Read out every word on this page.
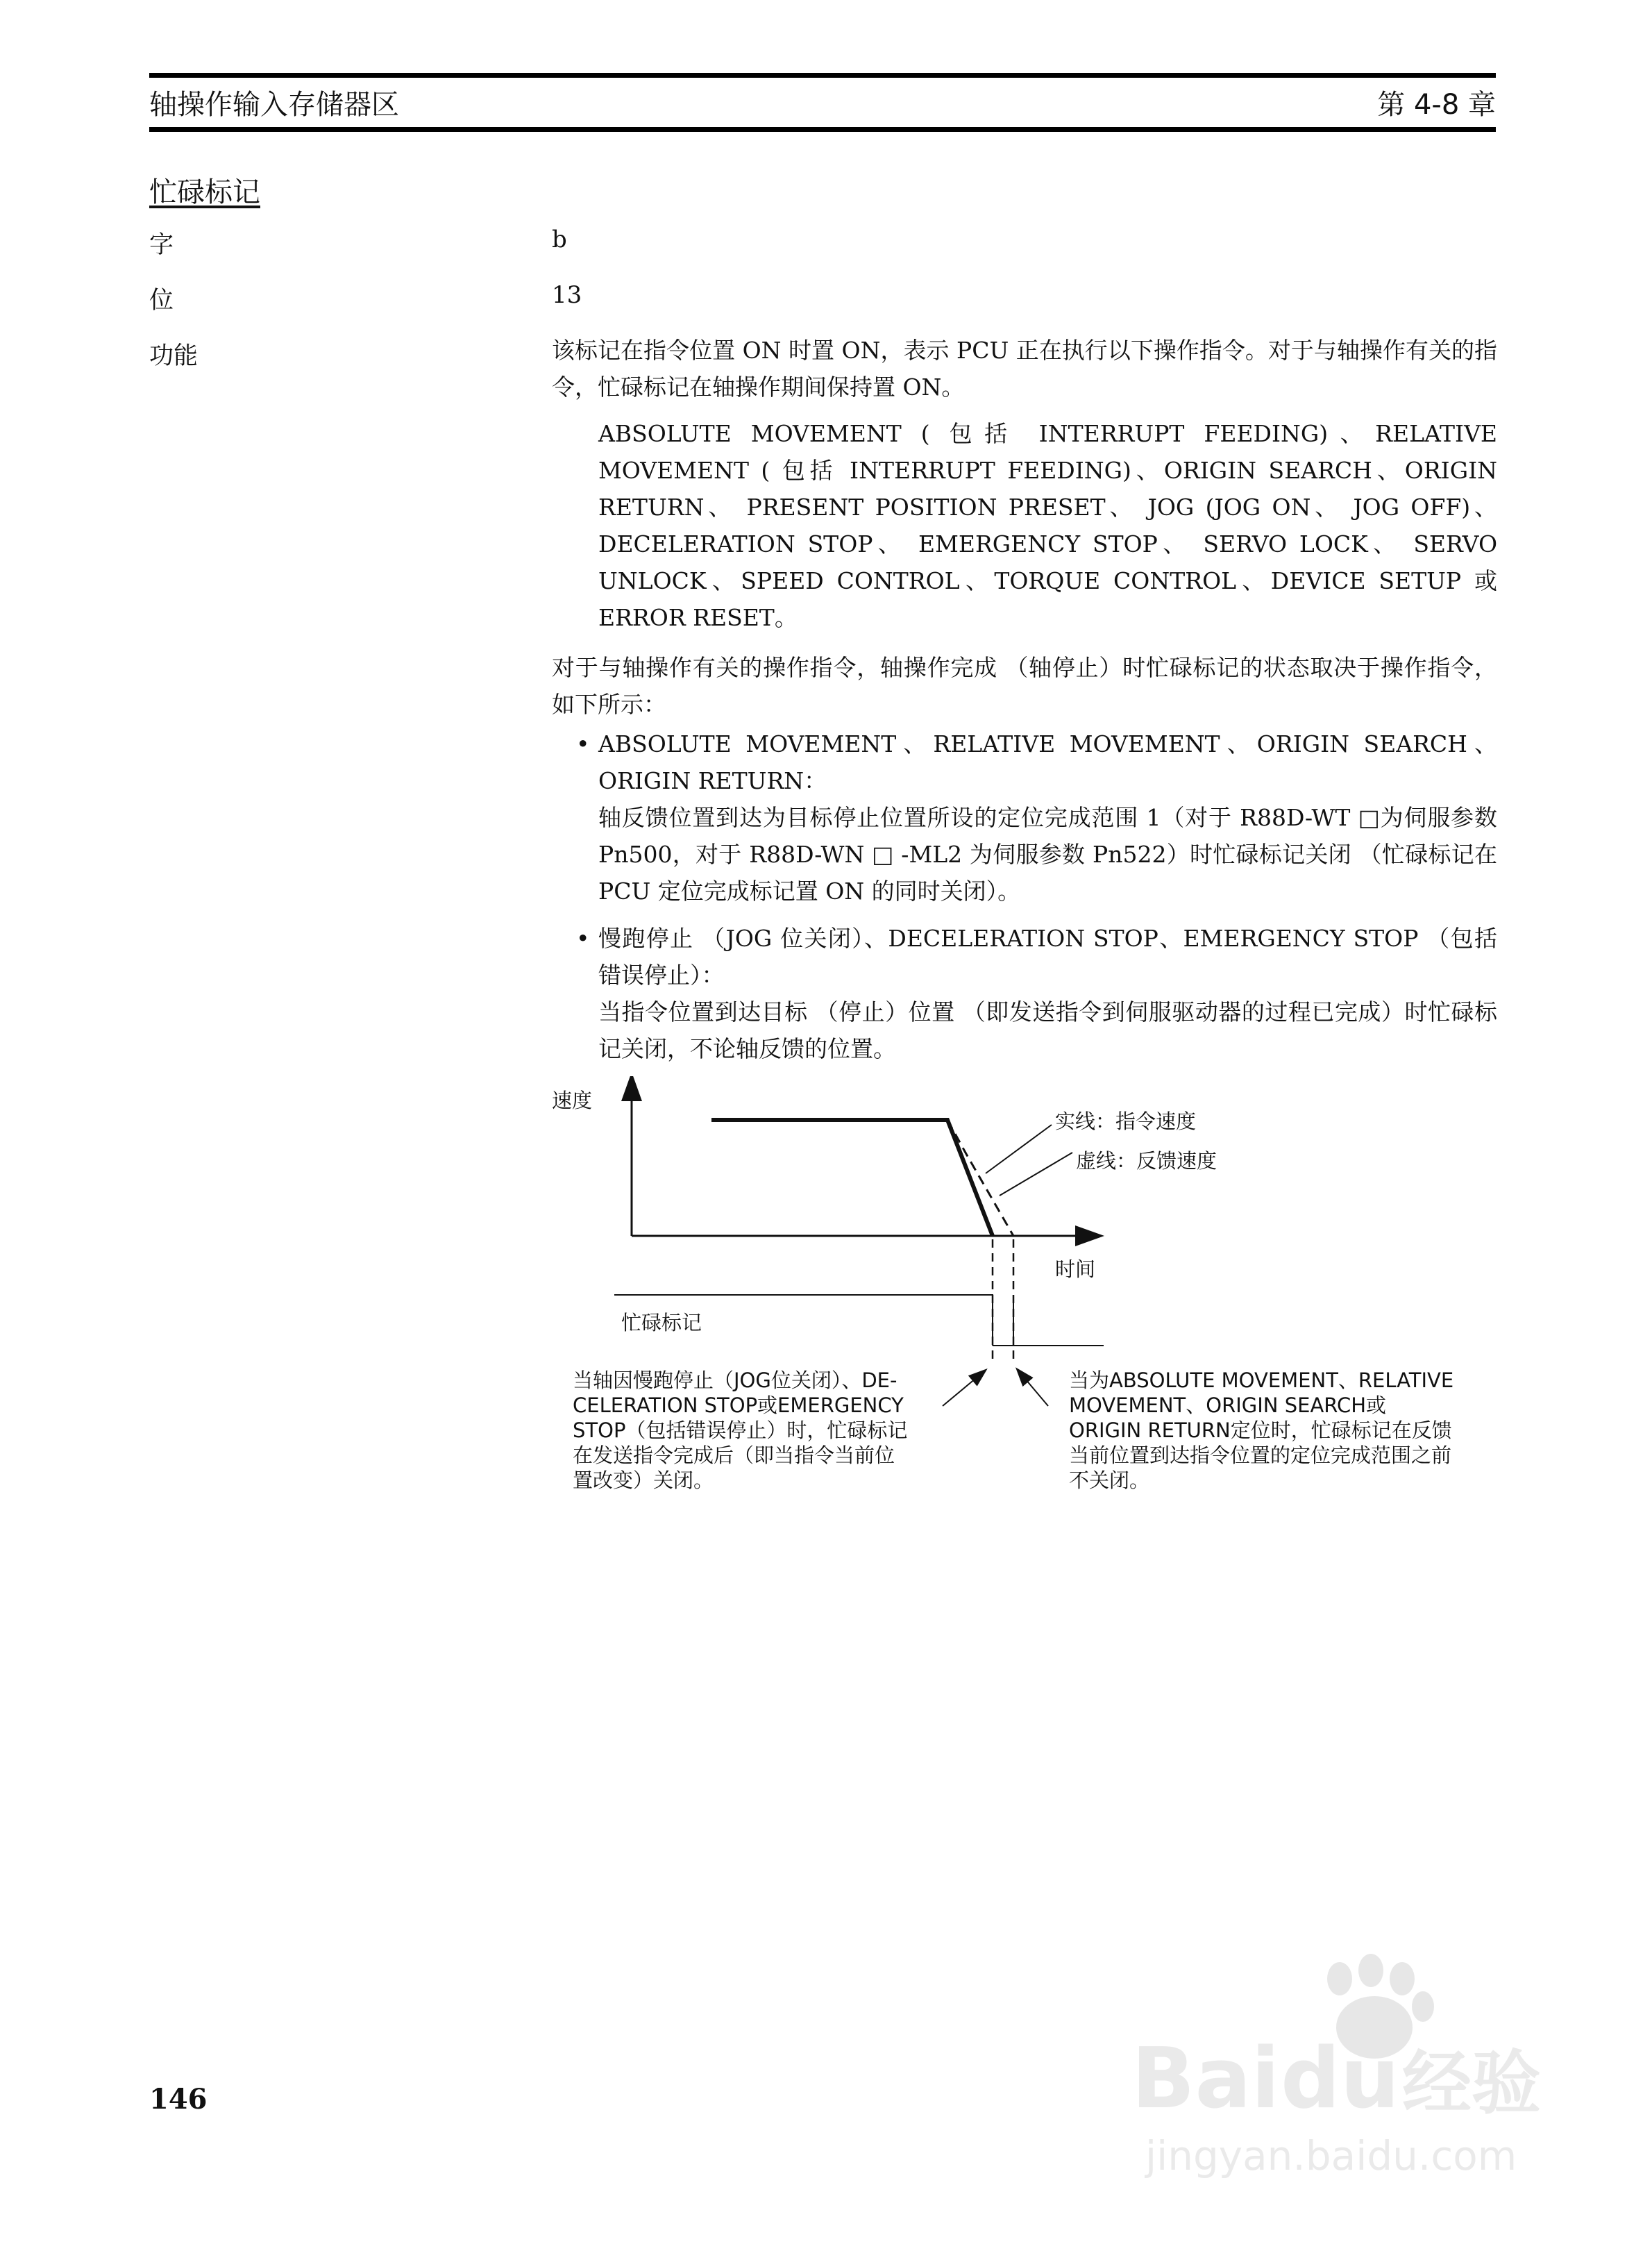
轴操作输入存储器区	第 4-8 章
忙碌标记
字	b
位	13
功能	该标记在指令位置 ON 时置 ON，表示 PCU 正在执行以下操作指令。对于与轴操作有关的指令，忙碌标记在轴操作期间保持置 ON。
ABSOLUTE MOVEMENT ( 包括 INTERRUPT FEEDING)、RELATIVE MOVEMENT ( 包括 INTERRUPT FEEDING)、ORIGIN SEARCH、ORIGIN RETURN、 PRESENT POSITION PRESET、 JOG (JOG ON、 JOG OFF)、 DECELERATION STOP、 EMERGENCY STOP、 SERVO LOCK、 SERVO UNLOCK、SPEED CONTROL、TORQUE CONTROL、DEVICE SETUP 或 ERROR RESET。
对于与轴操作有关的操作指令，轴操作完成 （轴停止）时忙碌标记的状态取决于操作指令，如下所示：
• ABSOLUTE MOVEMENT、RELATIVE MOVEMENT、ORIGIN SEARCH、ORIGIN RETURN：
轴反馈位置到达为目标停止位置所设的定位完成范围 1（对于 R88D-WT □为伺服参数 Pn500，对于 R88D-WN □ -ML2 为伺服参数 Pn522）时忙碌标记关闭 （忙碌标记在 PCU 定位完成标记置 ON 的同时关闭）。
• 慢跑停止 （JOG 位关闭）、DECELERATION STOP、EMERGENCY STOP （包括错误停止）：
当指令位置到达目标 （停止）位置 （即发送指令到伺服驱动器的过程已完成）时忙碌标记关闭，不论轴反馈的位置。
速度
时间
实线：指令速度
虚线：反馈速度
忙碌标记
当轴因慢跑停止（JOG位关闭）、DE- CELERATION STOP或EMERGENCY STOP（包括错误停止）时，忙碌标记 在发送指令完成后（即当指令当前位 置改变）关闭。
当为ABSOLUTE MOVEMENT、RELATIVE MOVEMENT、ORIGIN SEARCH或 ORIGIN RETURN定位时，忙碌标记在反馈 当前位置到达指令位置的定位完成范围之前 不关闭。
146	Bai du 经验
jingyan.baidu.com
